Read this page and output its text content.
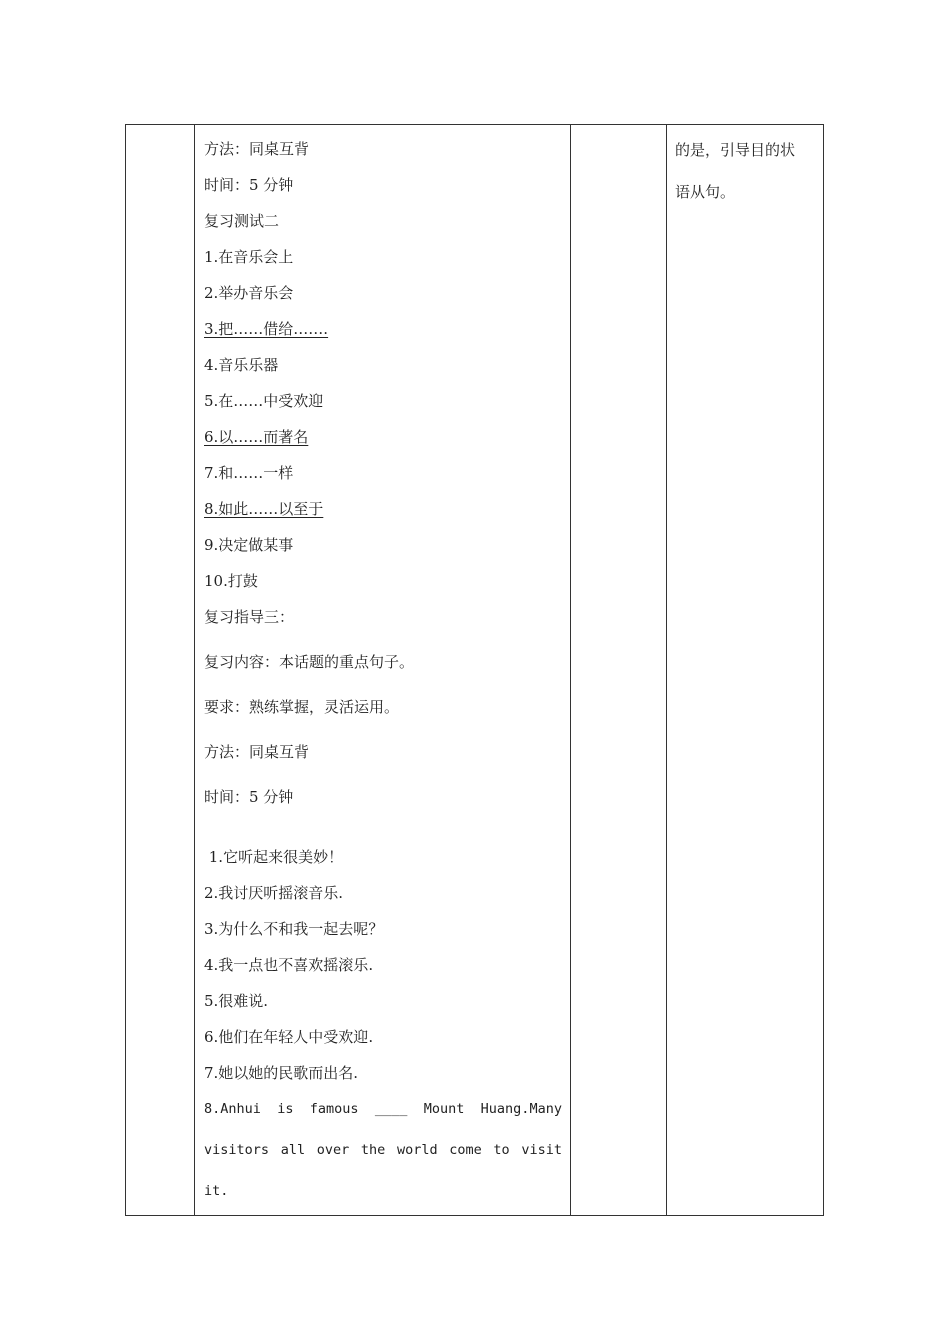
方法：同桌互背
时间：5 分钟
复习测试二
1.在音乐会上
2.举办音乐会
3.把……借给…….
4.音乐乐器
5.在……中受欢迎
6.以……而著名
7.和……一样
8.如此……以至于
9.决定做某事
10.打鼓
复习指导三：
复习内容：本话题的重点句子。
要求：熟练掌握，灵活运用。
方法：同桌互背
时间：5 分钟
1.它听起来很美妙！
2.我讨厌听摇滚音乐.
3.为什么不和我一起去呢？
4.我一点也不喜欢摇滚乐.
5.很难说.
6.他们在年轻人中受欢迎.
7.她以她的民歌而出名.
8.Anhui is famous ____ Mount Huang.Many
visitors all over the world come to visit
it.
的是，引导目的状
语从句。
